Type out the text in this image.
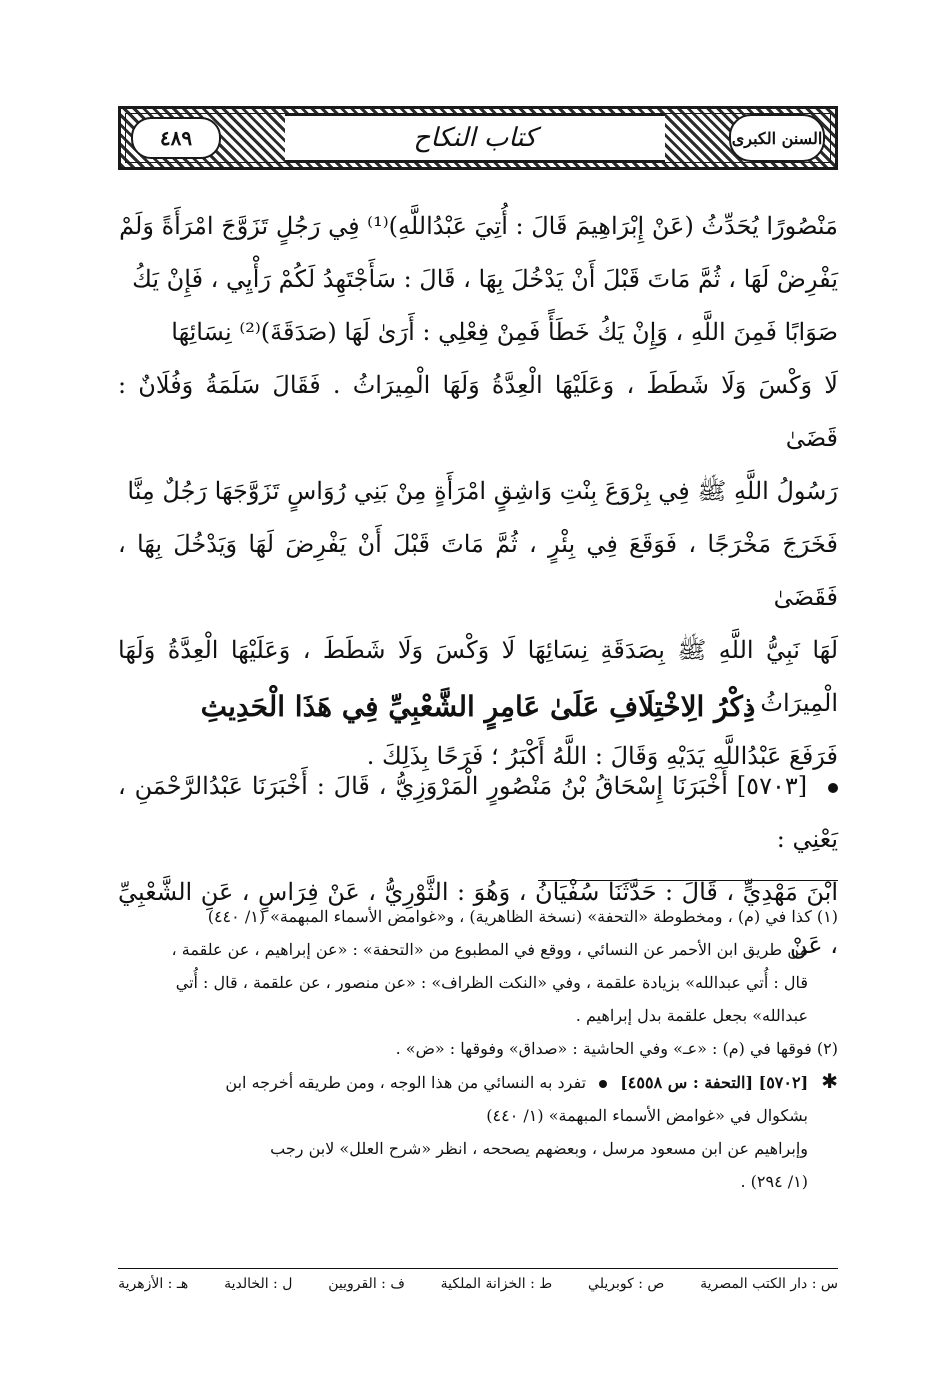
٤٨٩	كتاب النكاح	السنن الكبرى

مَنْصُورًا يُحَدِّثُ (عَنْ إِبْرَاهِيمَ قَالَ : أُتِيَ عَبْدُاللَّهِ)⁽¹⁾ فِي رَجُلٍ تَزَوَّجَ امْرَأَةً وَلَمْ

يَفْرِضْ لَهَا ، ثُمَّ مَاتَ قَبْلَ أَنْ يَدْخُلَ بِهَا ، قَالَ : سَأَجْتَهِدُ لَكُمْ رَأْيِي ، فَإِنْ يَكُ

صَوَابًا فَمِنَ اللَّهِ ، وَإِنْ يَكُ خَطَأً فَمِنْ فِعْلِي : أَرَىٰ لَهَا (صَدَقَةَ)⁽²⁾ نِسَائِهَا

لَا وَكْسَ وَلَا شَطَطَ ، وَعَلَيْهَا الْعِدَّةُ وَلَهَا الْمِيرَاثُ . فَقَالَ سَلَمَةُ وَفُلَانٌ : قَضَىٰ

رَسُولُ اللَّهِ ﷺ فِي بِرْوَعَ بِنْتِ وَاشِقٍ امْرَأَةٍ مِنْ بَنِي رُوَاسٍ تَزَوَّجَهَا رَجُلٌ مِنَّا

فَخَرَجَ مَخْرَجًا ، فَوَقَعَ فِي بِئْرٍ ، ثُمَّ مَاتَ قَبْلَ أَنْ يَفْرِضَ لَهَا وَيَدْخُلَ بِهَا ، فَقَضَىٰ

لَهَا نَبِيُّ اللَّهِ ﷺ بِصَدَقَةِ نِسَائِهَا لَا وَكْسَ وَلَا شَطَطَ ، وَعَلَيْهَا الْعِدَّةُ وَلَهَا الْمِيرَاثُ .

فَرَفَعَ عَبْدُاللَّهِ يَدَيْهِ وَقَالَ : اللَّهُ أَكْبَرُ ؛ فَرَحًا بِذَلِكَ .

ذِكْرُ الِاخْتِلَافِ عَلَىٰ عَامِرٍ الشَّعْبِيِّ فِي هَذَا الْحَدِيثِ

[٥٧٠٣] أَخْبَرَنَا إِسْحَاقُ بْنُ مَنْصُورٍ الْمَرْوَزِيُّ ، قَالَ : أَخْبَرَنَا عَبْدُالرَّحْمَنِ ، يَعْنِي :

ابْنَ مَهْدِيٍّ ، قَالَ : حَدَّثَنَا سُفْيَانُ ، وَهُوَ : الثَّوْرِيُّ ، عَنْ فِرَاسٍ ، عَنِ الشَّعْبِيِّ ، عَنْ

(١) كذا في (م) ، ومخطوطة «التحفة» (نسخة الظاهرية) ، و«غوامض الأسماء المبهمة» (١/ ٤٤٠)

من طريق ابن الأحمر عن النسائي ، ووقع في المطبوع من «التحفة» : «عن إبراهيم ، عن علقمة ،

قال : أُتي عبدالله» بزيادة علقمة ، وفي «النكت الظراف» : «عن منصور ، عن علقمة ، قال : أُتي

عبدالله» بجعل علقمة بدل إبراهيم .

(٢) فوقها في (م) : «عـ» وفي الحاشية : «صداق» وفوقها : «ض» .

✱ [٥٧٠٢] [التحفة : س ٤٥٥٨]  تفرد به النسائي من هذا الوجه ، ومن طريقه أخرجه ابن

بشكوال في «غوامض الأسماء المبهمة» (١/ ٤٤٠)

وإبراهيم عن ابن مسعود مرسل ، وبعضهم يصححه ، انظر «شرح العلل» لابن رجب

(١/ ٢٩٤) .

س : دار الكتب المصرية
ص : كوبريلي
ط : الخزانة الملكية
ف : القرويين
ل : الخالدية
هـ : الأزهرية
